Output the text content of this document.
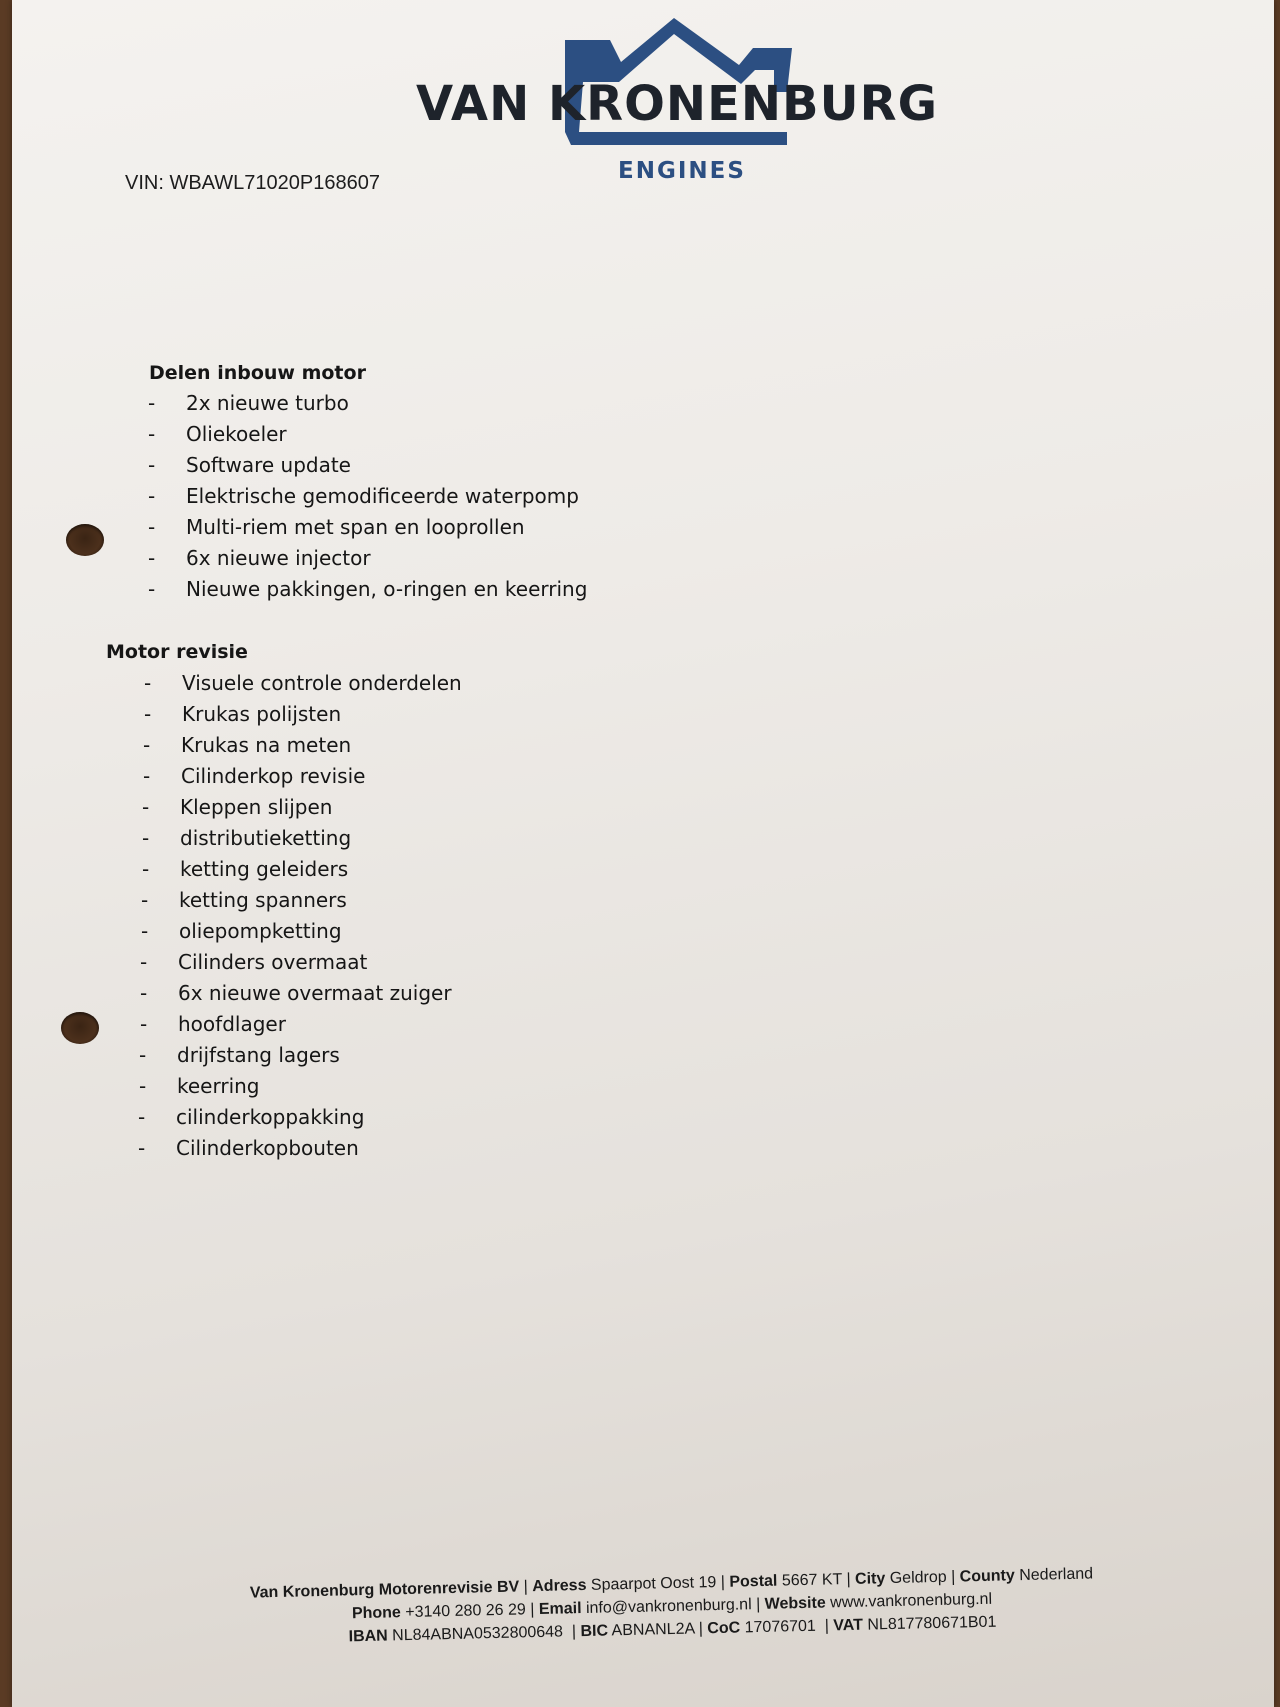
VAN KRONENBURG
ENGINES
VIN: WBAWL71020P168607
Delen inbouw motor
- 2x nieuwe turbo
- Oliekoeler
- Software update
- Elektrische gemodificeerde waterpomp
- Multi-riem met span en looprollen
- 6x nieuwe injector
- Nieuwe pakkingen, o-ringen en keerring
Motor revisie
- Visuele controle onderdelen
- Krukas polijsten
- Krukas na meten
- Cilinderkop revisie
- Kleppen slijpen
- distributieketting
- ketting geleiders
- ketting spanners
- oliepompketting
- Cilinders overmaat
- 6x nieuwe overmaat zuiger
- hoofdlager
- drijfstang lagers
- keerring
- cilinderkoppakking
- Cilinderkopbouten
Van Kronenburg Motorenrevisie BV | Adress Spaarpot Oost 19 | Postal 5667 KT | City Geldrop | County Nederland
Phone +3140 280 26 29 | Email info@vankronenburg.nl | Website www.vankronenburg.nl
IBAN NL84ABNA0532800648  | BIC ABNANL2A | CoC 17076701  | VAT NL817780671B01
